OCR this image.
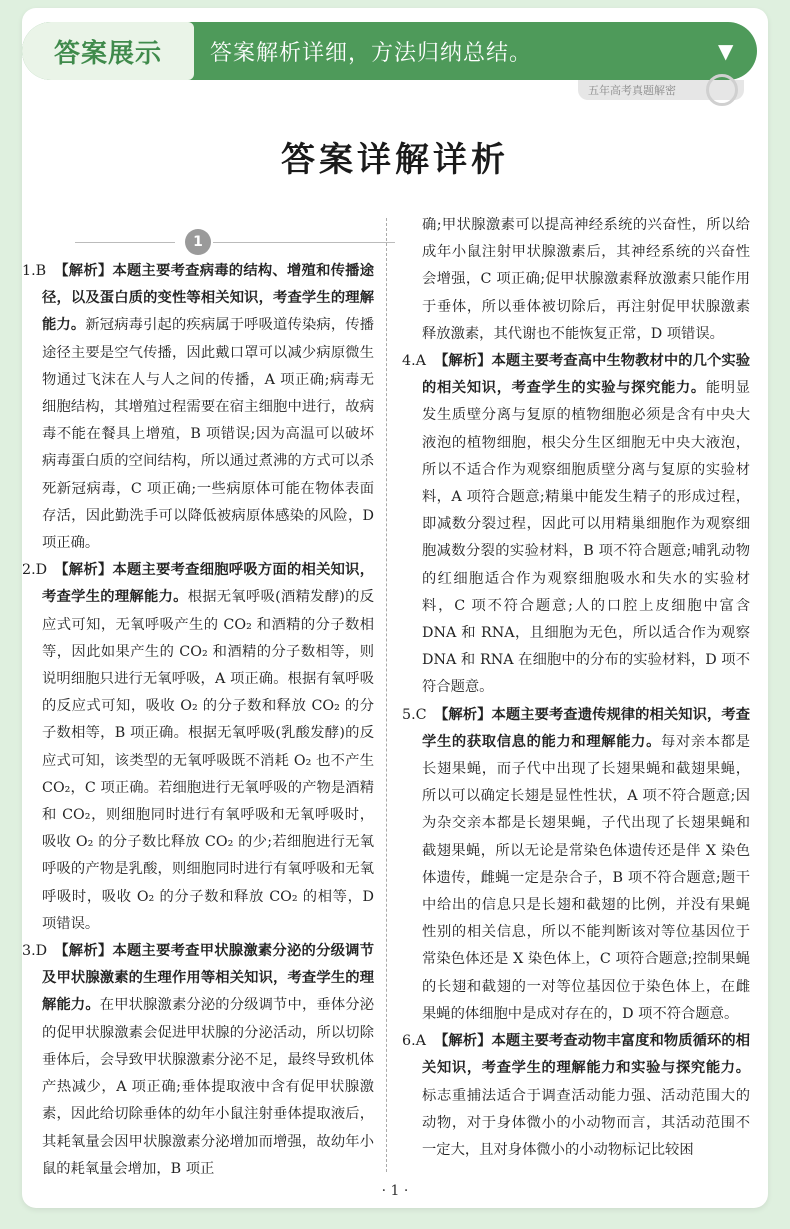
答案展示	答案解析详细，方法归纳总结。	▼
五年高考真题解密
答案详解详析
1

1.B 【解析】本题主要考查病毒的结构、增殖和传播途径，以及蛋白质的变性等相关知识，考查学生的理解能力。新冠病毒引起的疾病属于呼吸道传染病，传播途径主要是空气传播，因此戴口罩可以减少病原微生物通过飞沫在人与人之间的传播，A 项正确;病毒无细胞结构，其增殖过程需要在宿主细胞中进行，故病毒不能在餐具上增殖，B 项错误;因为高温可以破坏病毒蛋白质的空间结构，所以通过煮沸的方式可以杀死新冠病毒，C 项正确;一些病原体可能在物体表面存活，因此勤洗手可以降低被病原体感染的风险，D 项正确。

2.D 【解析】本题主要考查细胞呼吸方面的相关知识，考查学生的理解能力。根据无氧呼吸(酒精发酵)的反应式可知，无氧呼吸产生的 CO₂ 和酒精的分子数相等，因此如果产生的 CO₂ 和酒精的分子数相等，则说明细胞只进行无氧呼吸，A 项正确。根据有氧呼吸的反应式可知，吸收 O₂ 的分子数和释放 CO₂ 的分子数相等，B 项正确。根据无氧呼吸(乳酸发酵)的反应式可知，该类型的无氧呼吸既不消耗 O₂ 也不产生 CO₂，C 项正确。若细胞进行无氧呼吸的产物是酒精和 CO₂，则细胞同时进行有氧呼吸和无氧呼吸时，吸收 O₂ 的分子数比释放 CO₂ 的少;若细胞进行无氧呼吸的产物是乳酸，则细胞同时进行有氧呼吸和无氧呼吸时，吸收 O₂ 的分子数和释放 CO₂ 的相等，D 项错误。

3.D 【解析】本题主要考查甲状腺激素分泌的分级调节及甲状腺激素的生理作用等相关知识，考查学生的理解能力。在甲状腺激素分泌的分级调节中，垂体分泌的促甲状腺激素会促进甲状腺的分泌活动，所以切除垂体后，会导致甲状腺激素分泌不足，最终导致机体产热减少，A 项正确;垂体提取液中含有促甲状腺激素，因此给切除垂体的幼年小鼠注射垂体提取液后，其耗氧量会因甲状腺激素分泌增加而增强，故幼年小鼠的耗氧量会增加，B 项正

确;甲状腺激素可以提高神经系统的兴奋性，所以给成年小鼠注射甲状腺激素后，其神经系统的兴奋性会增强，C 项正确;促甲状腺激素释放激素只能作用于垂体，所以垂体被切除后，再注射促甲状腺激素释放激素，其代谢也不能恢复正常，D 项错误。

4.A 【解析】本题主要考查高中生物教材中的几个实验的相关知识，考查学生的实验与探究能力。能明显发生质壁分离与复原的植物细胞必须是含有中央大液泡的植物细胞，根尖分生区细胞无中央大液泡，所以不适合作为观察细胞质壁分离与复原的实验材料，A 项符合题意;精巢中能发生精子的形成过程，即减数分裂过程，因此可以用精巢细胞作为观察细胞减数分裂的实验材料，B 项不符合题意;哺乳动物的红细胞适合作为观察细胞吸水和失水的实验材料，C 项不符合题意;人的口腔上皮细胞中富含 DNA 和 RNA，且细胞为无色，所以适合作为观察 DNA 和 RNA 在细胞中的分布的实验材料，D 项不符合题意。

5.C 【解析】本题主要考查遗传规律的相关知识，考查学生的获取信息的能力和理解能力。每对亲本都是长翅果蝇，而子代中出现了长翅果蝇和截翅果蝇，所以可以确定长翅是显性性状，A 项不符合题意;因为杂交亲本都是长翅果蝇，子代出现了长翅果蝇和截翅果蝇，所以无论是常染色体遗传还是伴 X 染色体遗传，雌蝇一定是杂合子，B 项不符合题意;题干中给出的信息只是长翅和截翅的比例，并没有果蝇性别的相关信息，所以不能判断该对等位基因位于常染色体还是 X 染色体上，C 项符合题意;控制果蝇的长翅和截翅的一对等位基因位于染色体上，在雌果蝇的体细胞中是成对存在的，D 项不符合题意。

6.A 【解析】本题主要考查动物丰富度和物质循环的相关知识，考查学生的理解能力和实验与探究能力。标志重捕法适合于调查活动能力强、活动范围大的动物，对于身体微小的小动物而言，其活动范围不一定大，且对身体微小的小动物标记比较困

· 1 ·
